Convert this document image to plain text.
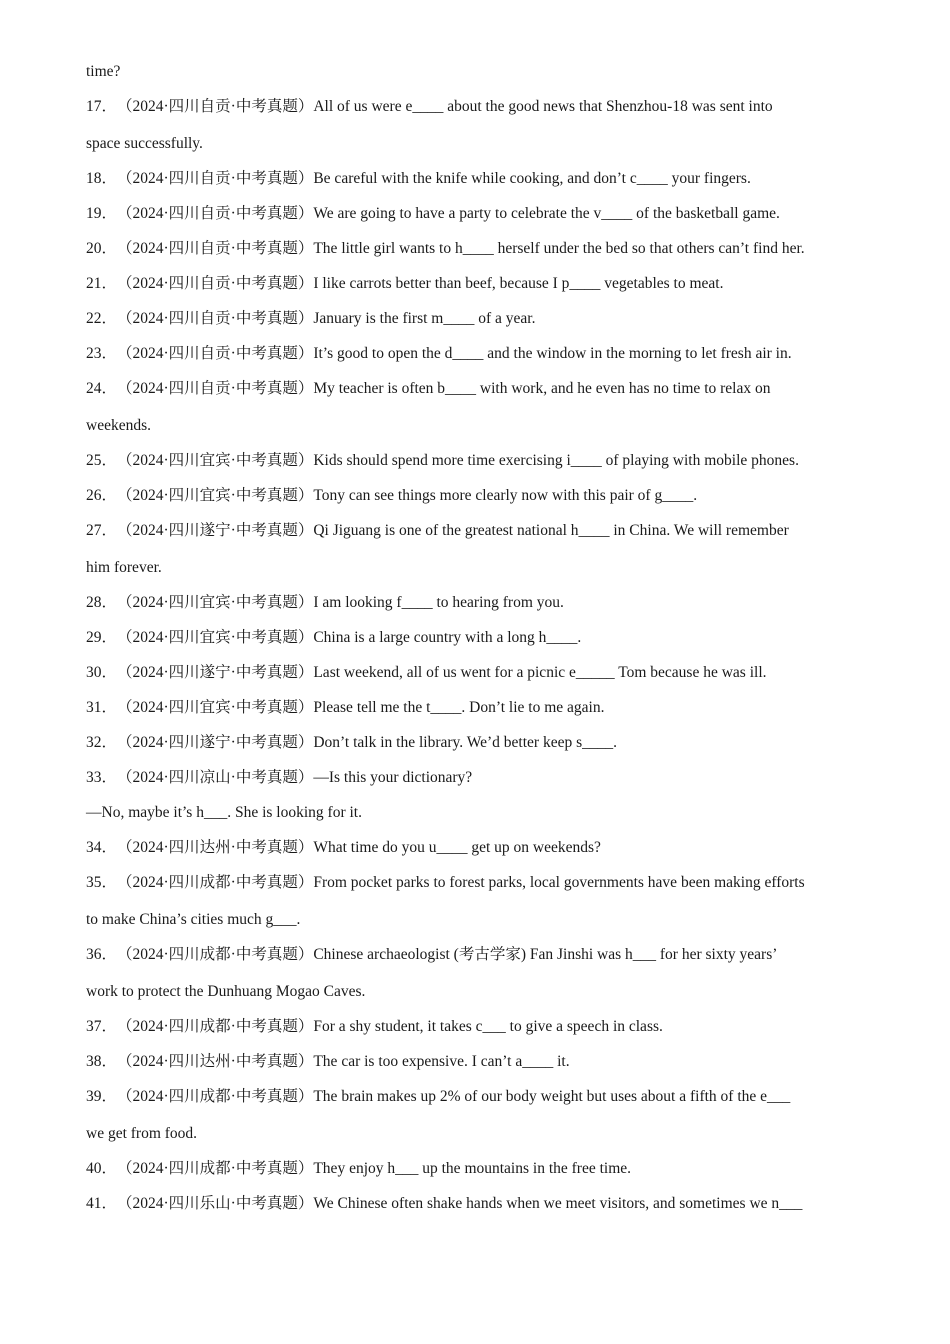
time?
17．（2024·四川自贡·中考真题）All of us were e____ about the good news that Shenzhou-18 was sent into
space successfully.
18．（2024·四川自贡·中考真题）Be careful with the knife while cooking, and don’t c____ your fingers.
19．（2024·四川自贡·中考真题）We are going to have a party to celebrate the v____ of the basketball game.
20．（2024·四川自贡·中考真题）The little girl wants to h____ herself under the bed so that others can’t find her.
21．（2024·四川自贡·中考真题）I like carrots better than beef, because I p____ vegetables to meat.
22．（2024·四川自贡·中考真题）January is the first m____ of a year.
23．（2024·四川自贡·中考真题）It’s good to open the d____ and the window in the morning to let fresh air in.
24．（2024·四川自贡·中考真题）My teacher is often b____ with work, and he even has no time to relax on
weekends.
25．（2024·四川宜宾·中考真题）Kids should spend more time exercising i____ of playing with mobile phones.
26．（2024·四川宜宾·中考真题）Tony can see things more clearly now with this pair of g____.
27．（2024·四川遂宁·中考真题）Qi Jiguang is one of the greatest national h____ in China. We will remember
him forever.
28．（2024·四川宜宾·中考真题）I am looking f____ to hearing from you.
29．（2024·四川宜宾·中考真题）China is a large country with a long h____.
30．（2024·四川遂宁·中考真题）Last weekend, all of us went for a picnic e_____ Tom because he was ill.
31．（2024·四川宜宾·中考真题）Please tell me the t____. Don’t lie to me again.
32．（2024·四川遂宁·中考真题）Don’t talk in the library. We’d better keep s____.
33．（2024·四川凉山·中考真题）—Is this your dictionary?
—No, maybe it’s h___. She is looking for it.
34．（2024·四川达州·中考真题）What time do you u____ get up on weekends?
35．（2024·四川成都·中考真题）From pocket parks to forest parks, local governments have been making efforts
to make China’s cities much g___.
36．（2024·四川成都·中考真题）Chinese archaeologist (考古学家) Fan Jinshi was h___ for her sixty years’
work to protect the Dunhuang Mogao Caves.
37．（2024·四川成都·中考真题）For a shy student, it takes c___ to give a speech in class.
38．（2024·四川达州·中考真题）The car is too expensive. I can’t a____ it.
39．（2024·四川成都·中考真题）The brain makes up 2% of our body weight but uses about a fifth of the e___
we get from food.
40．（2024·四川成都·中考真题）They enjoy h___ up the mountains in the free time.
41．（2024·四川乐山·中考真题）We Chinese often shake hands when we meet visitors, and sometimes we n___
